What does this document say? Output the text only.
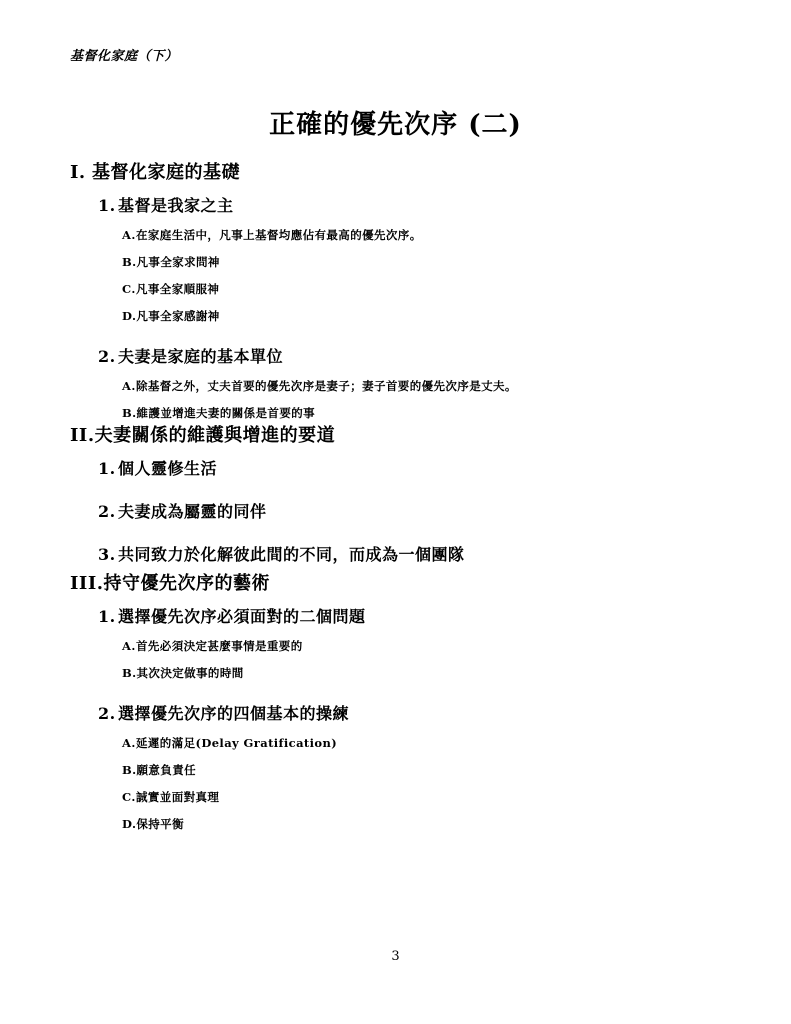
基督化家庭（下）
正確的優先次序 (二)
I. 基督化家庭的基礎
1. 基督是我家之主
A.在家庭生活中，凡事上基督均應佔有最高的優先次序。
B.凡事全家求問神
C.凡事全家順服神
D.凡事全家感謝神
2. 夫妻是家庭的基本單位
A.除基督之外，丈夫首要的優先次序是妻子；妻子首要的優先次序是丈夫。
B.維護並增進夫妻的關係是首要的事
II.夫妻關係的維護與增進的要道
1. 個人靈修生活
2. 夫妻成為屬靈的同伴
3. 共同致力於化解彼此間的不同，而成為一個團隊
III.持守優先次序的藝術
1. 選擇優先次序必須面對的二個問題
A.首先必須決定甚麼事情是重要的
B.其次決定做事的時間
2. 選擇優先次序的四個基本的操練
A.延遲的滿足(Delay Gratification)
B.願意負責任
C.誠實並面對真理
D.保持平衡
3
